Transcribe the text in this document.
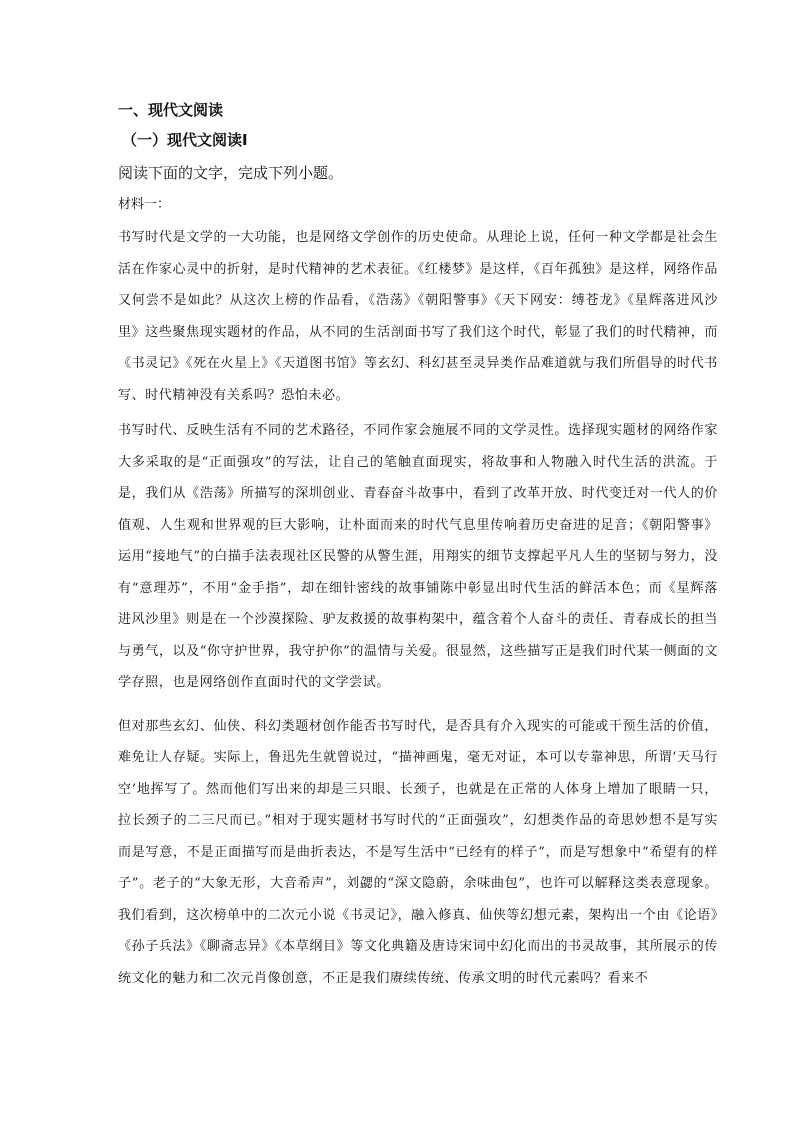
一、现代文阅读
（一）现代文阅读Ⅰ
阅读下面的文字，完成下列小题。
材料一：

书写时代是文学的一大功能，也是网络文学创作的历史使命。从理论上说，任何一种文学都是社会生活在作家心灵中的折射，是时代精神的艺术表征。《红楼梦》是这样，《百年孤独》是这样，网络作品又何尝不是如此？从这次上榜的作品看，《浩荡》《朝阳警事》《天下网安：缚苍龙》《星辉落进风沙里》这些聚焦现实题材的作品，从不同的生活剖面书写了我们这个时代，彰显了我们的时代精神，而《书灵记》《死在火星上》《天道图书馆》等玄幻、科幻甚至灵异类作品难道就与我们所倡导的时代书写、时代精神没有关系吗？恐怕未必。

书写时代、反映生活有不同的艺术路径，不同作家会施展不同的文学灵性。选择现实题材的网络作家大多采取的是“正面强攻”的写法，让自己的笔触直面现实，将故事和人物融入时代生活的洪流。于是，我们从《浩荡》所描写的深圳创业、青春奋斗故事中，看到了改革开放、时代变迁对一代人的价值观、人生观和世界观的巨大影响，让朴面而来的时代气息里传响着历史奋进的足音；《朝阳警事》运用“接地气”的白描手法表现社区民警的从警生涯，用翔实的细节支撑起平凡人生的坚韧与努力，没有“意理苏”，不用“金手指”，却在细针密线的故事铺陈中彰显出时代生活的鲜活本色；而《星辉落进风沙里》则是在一个沙漠探险、驴友救援的故事构架中，蕴含着个人奋斗的责任、青春成长的担当与勇气，以及“你守护世界，我守护你”的温情与关爱。很显然，这些描写正是我们时代某一侧面的文学存照，也是网络创作直面时代的文学尝试。

但对那些玄幻、仙侠、科幻类题材创作能否书写时代，是否具有介入现实的可能或干预生活的价值，难免让人存疑。实际上，鲁迅先生就曾说过，“描神画鬼，毫无对证，本可以专靠神思，所谓‘天马行空’地挥写了。然而他们写出来的却是三只眼、长颈子，也就是在正常的人体身上增加了眼睛一只，拉长颈子的二三尺而已。”相对于现实题材书写时代的“正面强攻”，幻想类作品的奇思妙想不是写实而是写意，不是正面描写而是曲折表达，不是写生活中“已经有的样子”，而是写想象中“希望有的样子”。老子的“大象无形，大音希声”，刘勰的“深文隐蔚，余味曲包”，也许可以解释这类表意现象。我们看到，这次榜单中的二次元小说《书灵记》，融入修真、仙侠等幻想元素，架构出一个由《论语》《孙子兵法》《聊斋志异》《本草纲目》等文化典籍及唐诗宋词中幻化而出的书灵故事，其所展示的传统文化的魅力和二次元肖像创意，不正是我们赓续传统、传承文明的时代元素吗？看来不
